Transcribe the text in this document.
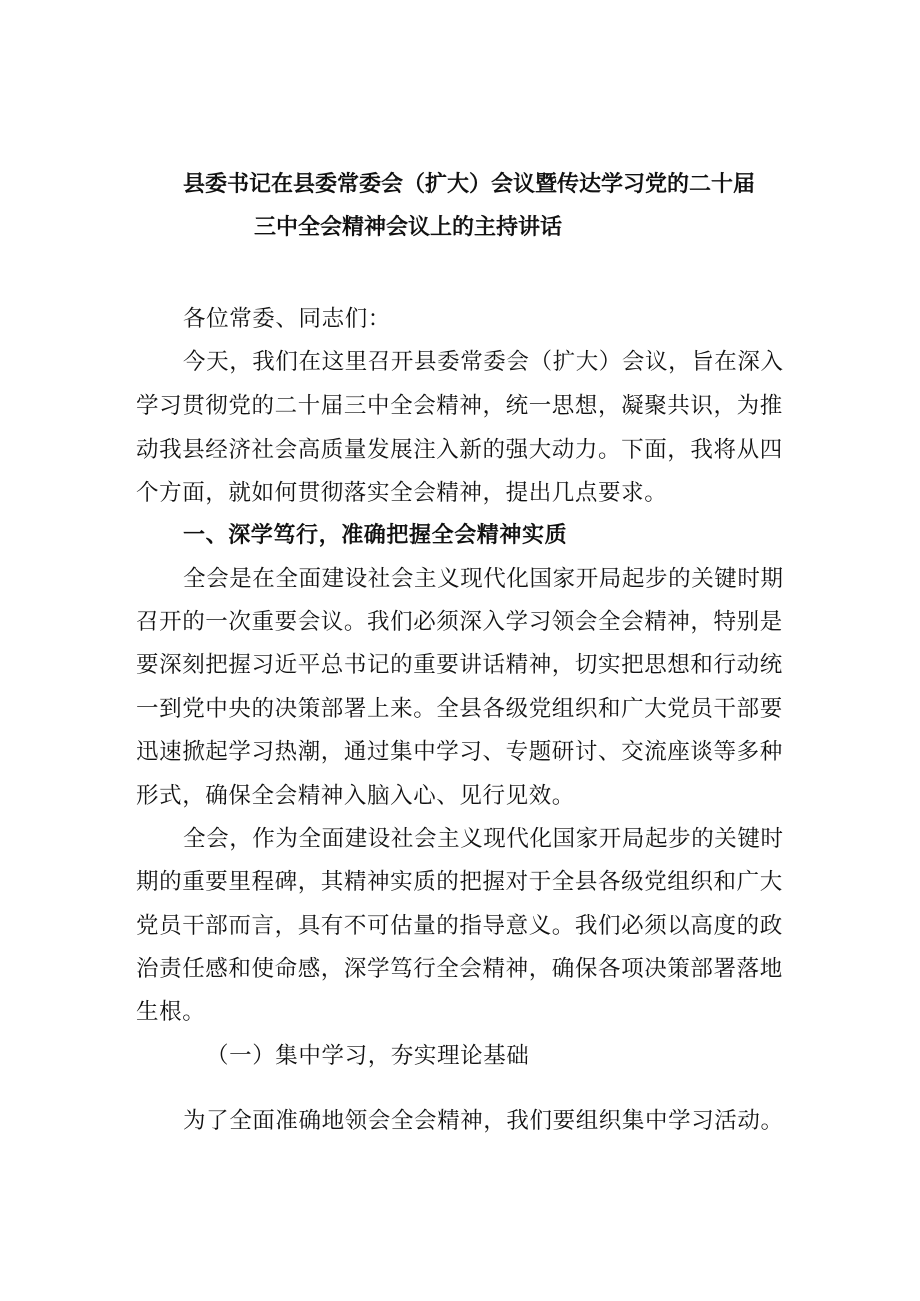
县委书记在县委常委会（扩大）会议暨传达学习党的二十届
三中全会精神会议上的主持讲话
各位常委、同志们：
今天，我们在这里召开县委常委会（扩大）会议，旨在深入
学习贯彻党的二十届三中全会精神，统一思想，凝聚共识，为推
动我县经济社会高质量发展注入新的强大动力。下面，我将从四
个方面，就如何贯彻落实全会精神，提出几点要求。
一、深学笃行，准确把握全会精神实质
全会是在全面建设社会主义现代化国家开局起步的关键时期
召开的一次重要会议。我们必须深入学习领会全会精神，特别是
要深刻把握习近平总书记的重要讲话精神，切实把思想和行动统
一到党中央的决策部署上来。全县各级党组织和广大党员干部要
迅速掀起学习热潮，通过集中学习、专题研讨、交流座谈等多种
形式，确保全会精神入脑入心、见行见效。
全会，作为全面建设社会主义现代化国家开局起步的关键时
期的重要里程碑，其精神实质的把握对于全县各级党组织和广大
党员干部而言，具有不可估量的指导意义。我们必须以高度的政
治责任感和使命感，深学笃行全会精神，确保各项决策部署落地
生根。
（一）集中学习，夯实理论基础
为了全面准确地领会全会精神，我们要组织集中学习活动。
